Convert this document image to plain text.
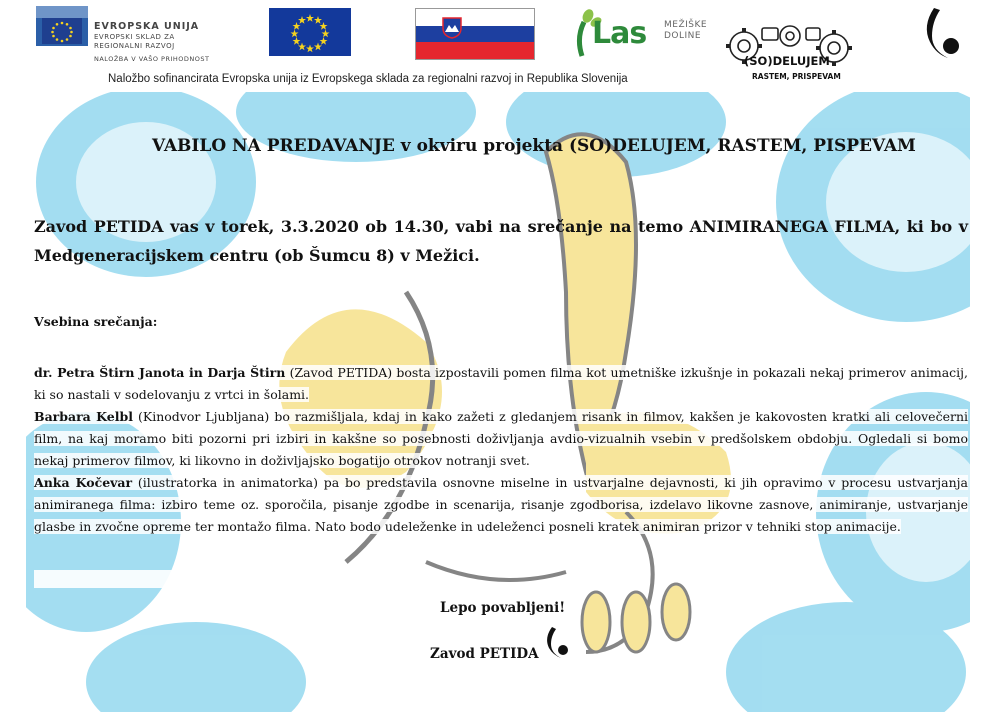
EVROPSKA UNIJA
EVROPSKI SKLAD ZA
REGIONALNI RAZVOJ
NALOŽBA V VAŠO PRIHODNOST
Las MEŽIŠKE
DOLINE
(SO)DELUJEM
RASTEM, PRISPEVAM
Naložbo sofinancirata Evropska unija iz Evropskega sklada za regionalni razvoj in Republika Slovenija
VABILO NA PREDAVANJE v okviru projekta (SO)DELUJEM, RASTEM, PISPEVAM
Zavod PETIDA vas v torek, 3.3.2020 ob 14.30, vabi na srečanje na temo ANIMIRANEGA FILMA, ki bo v Medgeneracijskem centru (ob Šumcu 8) v Mežici.
Vsebina srečanja:

dr. Petra Štirn Janota in Darja Štirn (Zavod PETIDA) bosta izpostavili pomen filma kot umetniške izkušnje in pokazali nekaj primerov animacij, ki so nastali v sodelovanju z vrtci in šolami.

Barbara Kelbl (Kinodvor Ljubljana) bo razmišljala, kdaj in kako zažeti z gledanjem risank in filmov, kakšen je kakovosten kratki ali celovečerni film, na kaj moramo biti pozorni pri izbiri in kakšne so posebnosti doživljanja avdio-vizualnih vsebin v predšolskem obdobju. Ogledali si bomo nekaj primerov filmov, ki likovno in doživljajsko bogatijo otrokov notranji svet.

Anka Kočevar (ilustratorka in animatorka) pa bo predstavila osnovne miselne in ustvarjalne dejavnosti, ki jih opravimo v procesu ustvarjanja animiranega filma: izbiro teme oz. sporočila, pisanje zgodbe in scenarija, risanje zgodborisa, izdelavo likovne zasnove, animiranje, ustvarjanje glasbe in zvočne opreme ter montažo filma. Nato bodo udeleženke in udeleženci posneli kratek animiran prizor v tehniki stop animacije.

Lepo povabljeni!
Zavod PETIDA
